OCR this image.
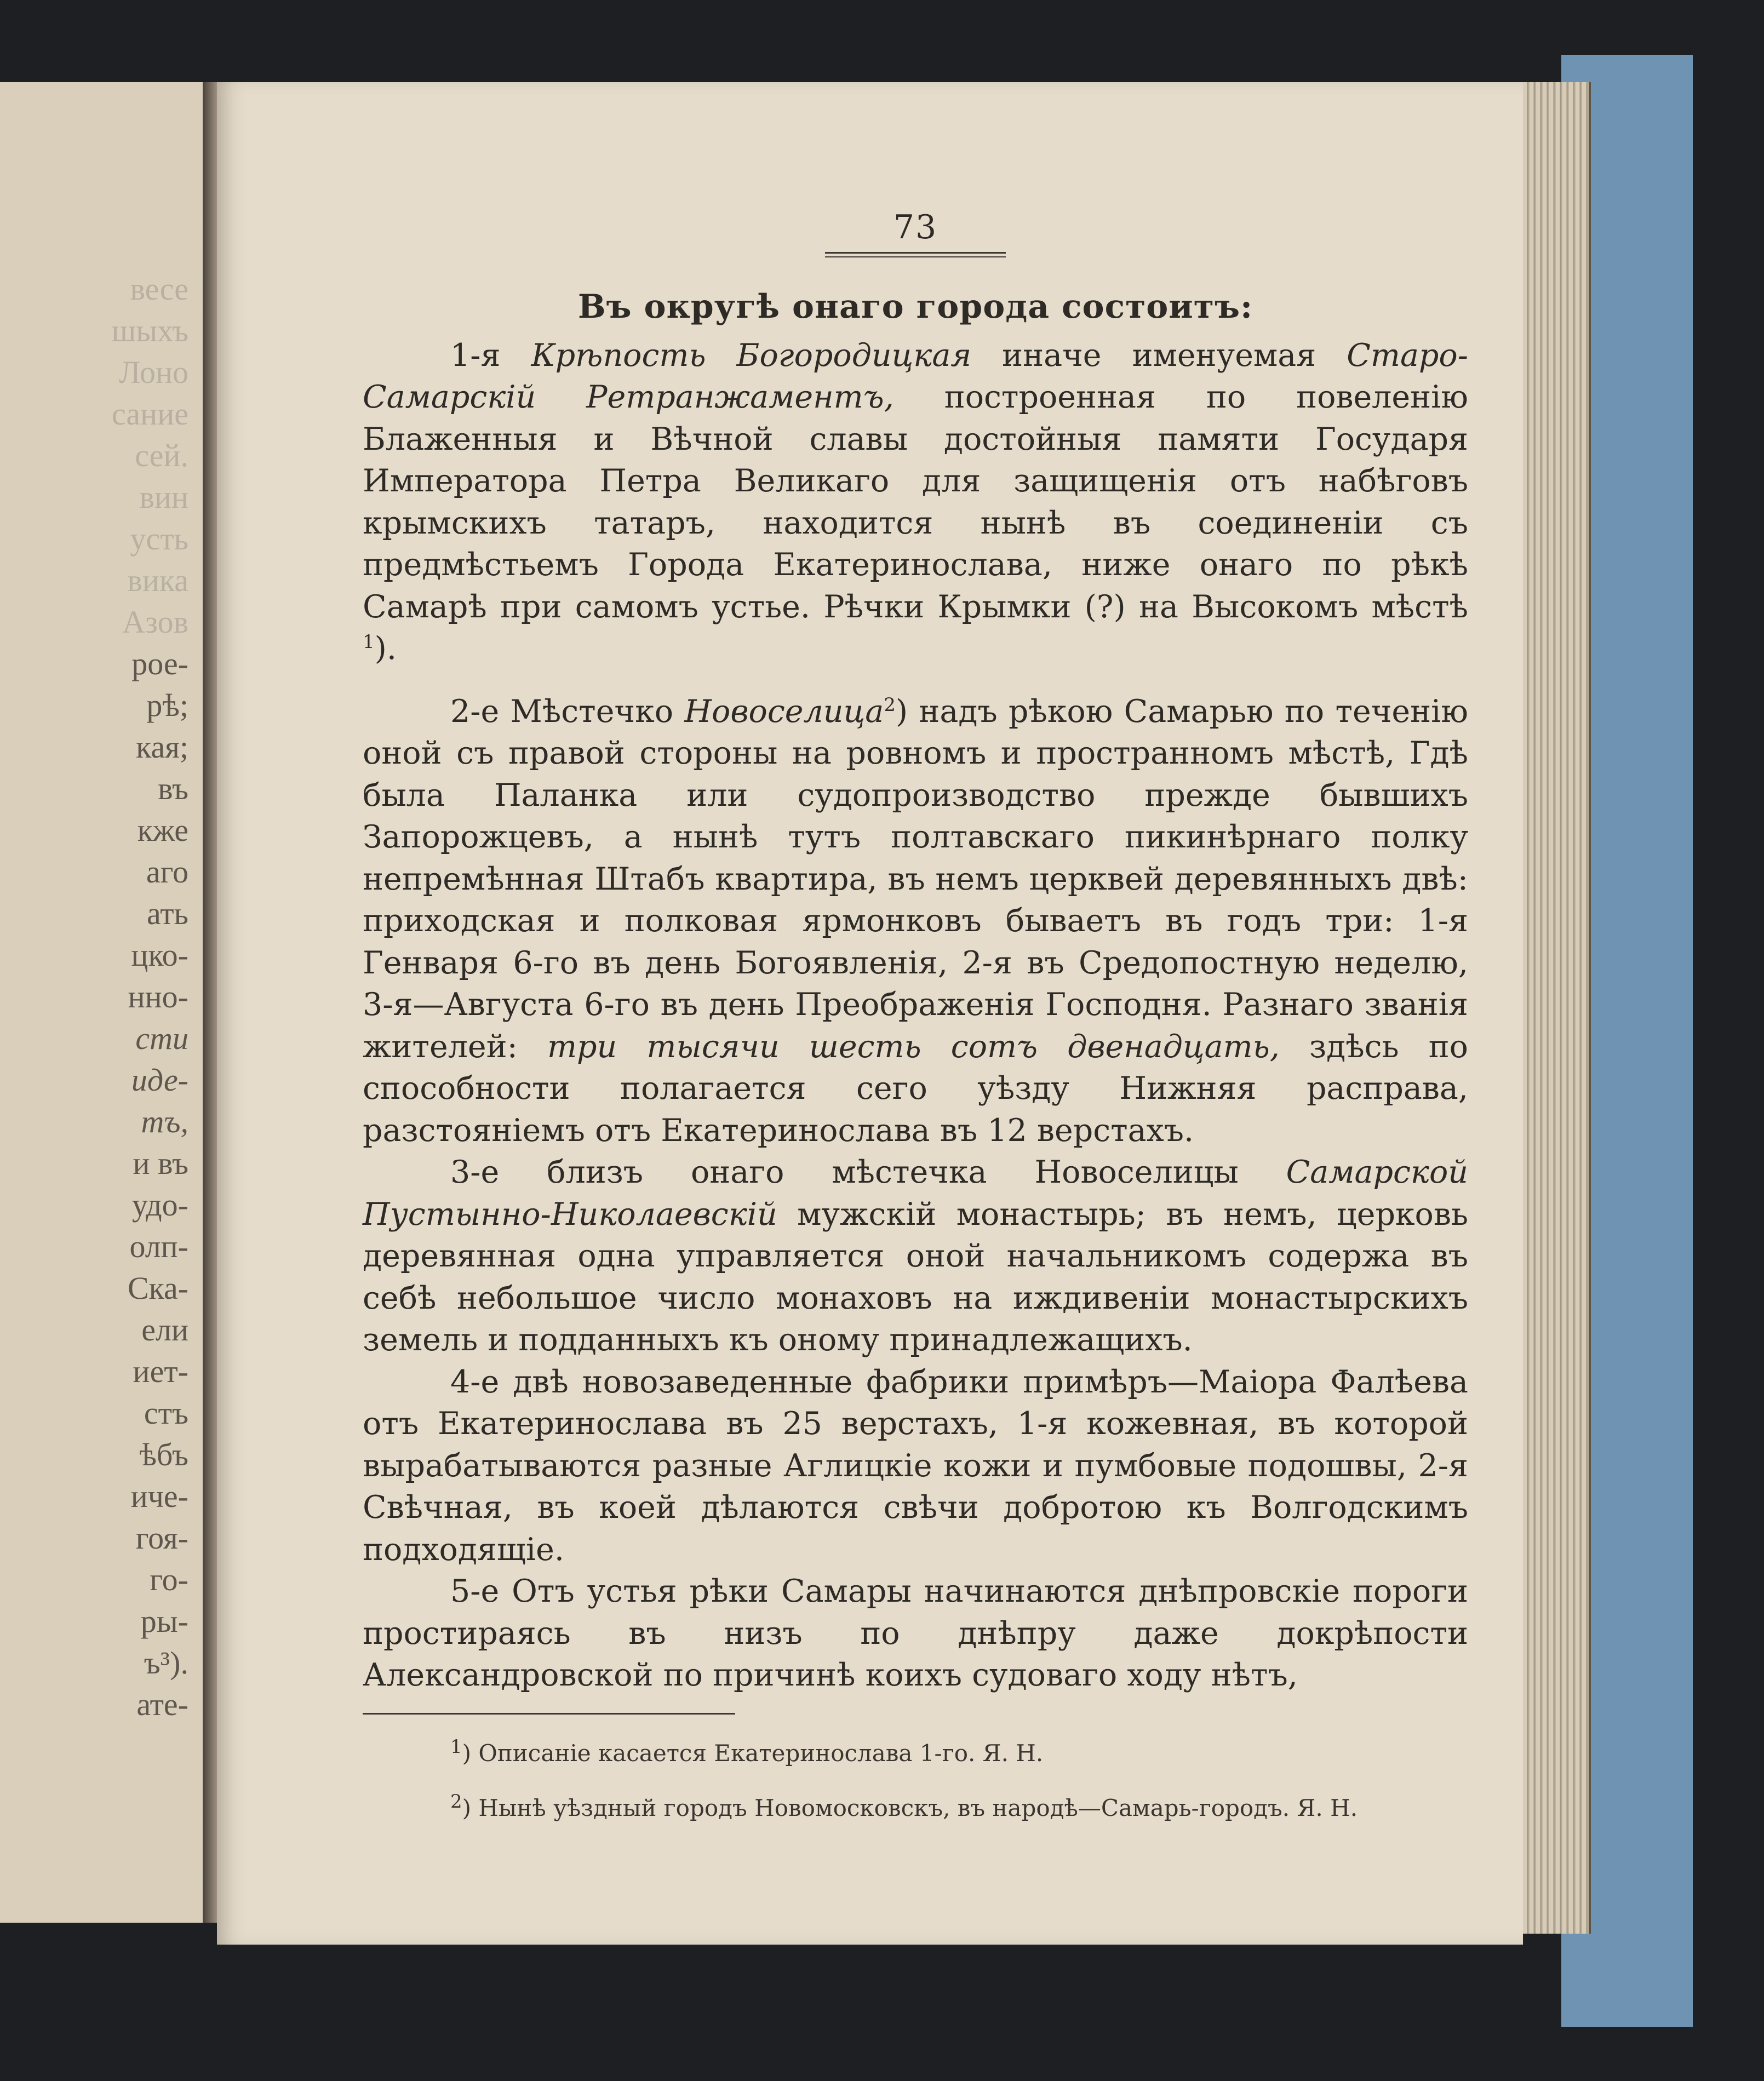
весе
шыхъ
Лоно
сание
сей.
вин
усть
вика
Азов
рое-
рѣ;
кая;
въ
кже
аго
ать
цко-
нно-
сти
иде-
тъ,
и въ
удо-
олп-
Ска-
ели
иет-
стъ
ѣбъ
иче-
гоя-
го-
ры-
ъ³).
ате-
73
Въ округѣ онаго города состоитъ:

1-я Крѣпость Богородицкая иначе именуемая Старо-Самарскій Ретранжаментъ, построенная по повеленію Блаженныя и Вѣчной славы достойныя памяти Государя Императора Петра Великаго для защищенія отъ набѣговъ крымскихъ татаръ, находится нынѣ въ соединеніи съ предмѣстьемъ Города Екатеринослава, ниже онаго по рѣкѣ Самарѣ при самомъ устье. Рѣчки Крымки (?) на Высокомъ мѣстѣ $^1$).

2-е Мѣстечко Новоселица$^2$) надъ рѣкою Самарью по теченію оной съ правой стороны на ровномъ и пространномъ мѣстѣ, Гдѣ была Паланка или судопроизводство прежде бывшихъ Запорожцевъ, а нынѣ тутъ полтавскаго пикинѣрнаго полку непремѣнная Штабъ квартира, въ немъ церквей деревянныхъ двѣ: приходская и полковая ярмонковъ бываетъ въ годъ три: 1-я Генваря 6-го въ день Богоявленія, 2-я въ Средопостную неделю, 3-я—Августа 6-го въ день Преображенія Господня. Разнаго званія жителей: три тысячи шесть сотъ двенадцать, здѣсь по способности полагается сего уѣзду Нижняя расправа, разстояніемъ отъ Екатеринослава въ 12 верстахъ.

3-е близъ онаго мѣстечка Новоселицы Самарской Пустынно-Николаевскій мужскій монастырь; въ немъ, церковь деревянная одна управляется оной начальникомъ содержа въ себѣ небольшое число монаховъ на иждивеніи монастырскихъ земель и подданныхъ къ оному принадлежащихъ.

4-е двѣ новозаведенные фабрики примѣръ—Маіора Фалѣева отъ Екатеринослава въ 25 верстахъ, 1-я кожевная, въ которой вырабатываются разные Аглицкіе кожи и пумбовые подошвы, 2-я Свѣчная, въ коей дѣлаются свѣчи добротою къ Волгодскимъ подходящіе.

5-е Отъ устья рѣки Самары начинаются днѣпровскіе пороги простираясь въ низъ по днѣпру даже докрѣпости Александровской по причинѣ коихъ судоваго ходу нѣтъ,

$^1$) Описаніе касается Екатеринослава 1-го. Я. Н.

$^2$) Нынѣ уѣздный городъ Новомосковскъ, въ народѣ—Самарь-городъ. Я. Н.
